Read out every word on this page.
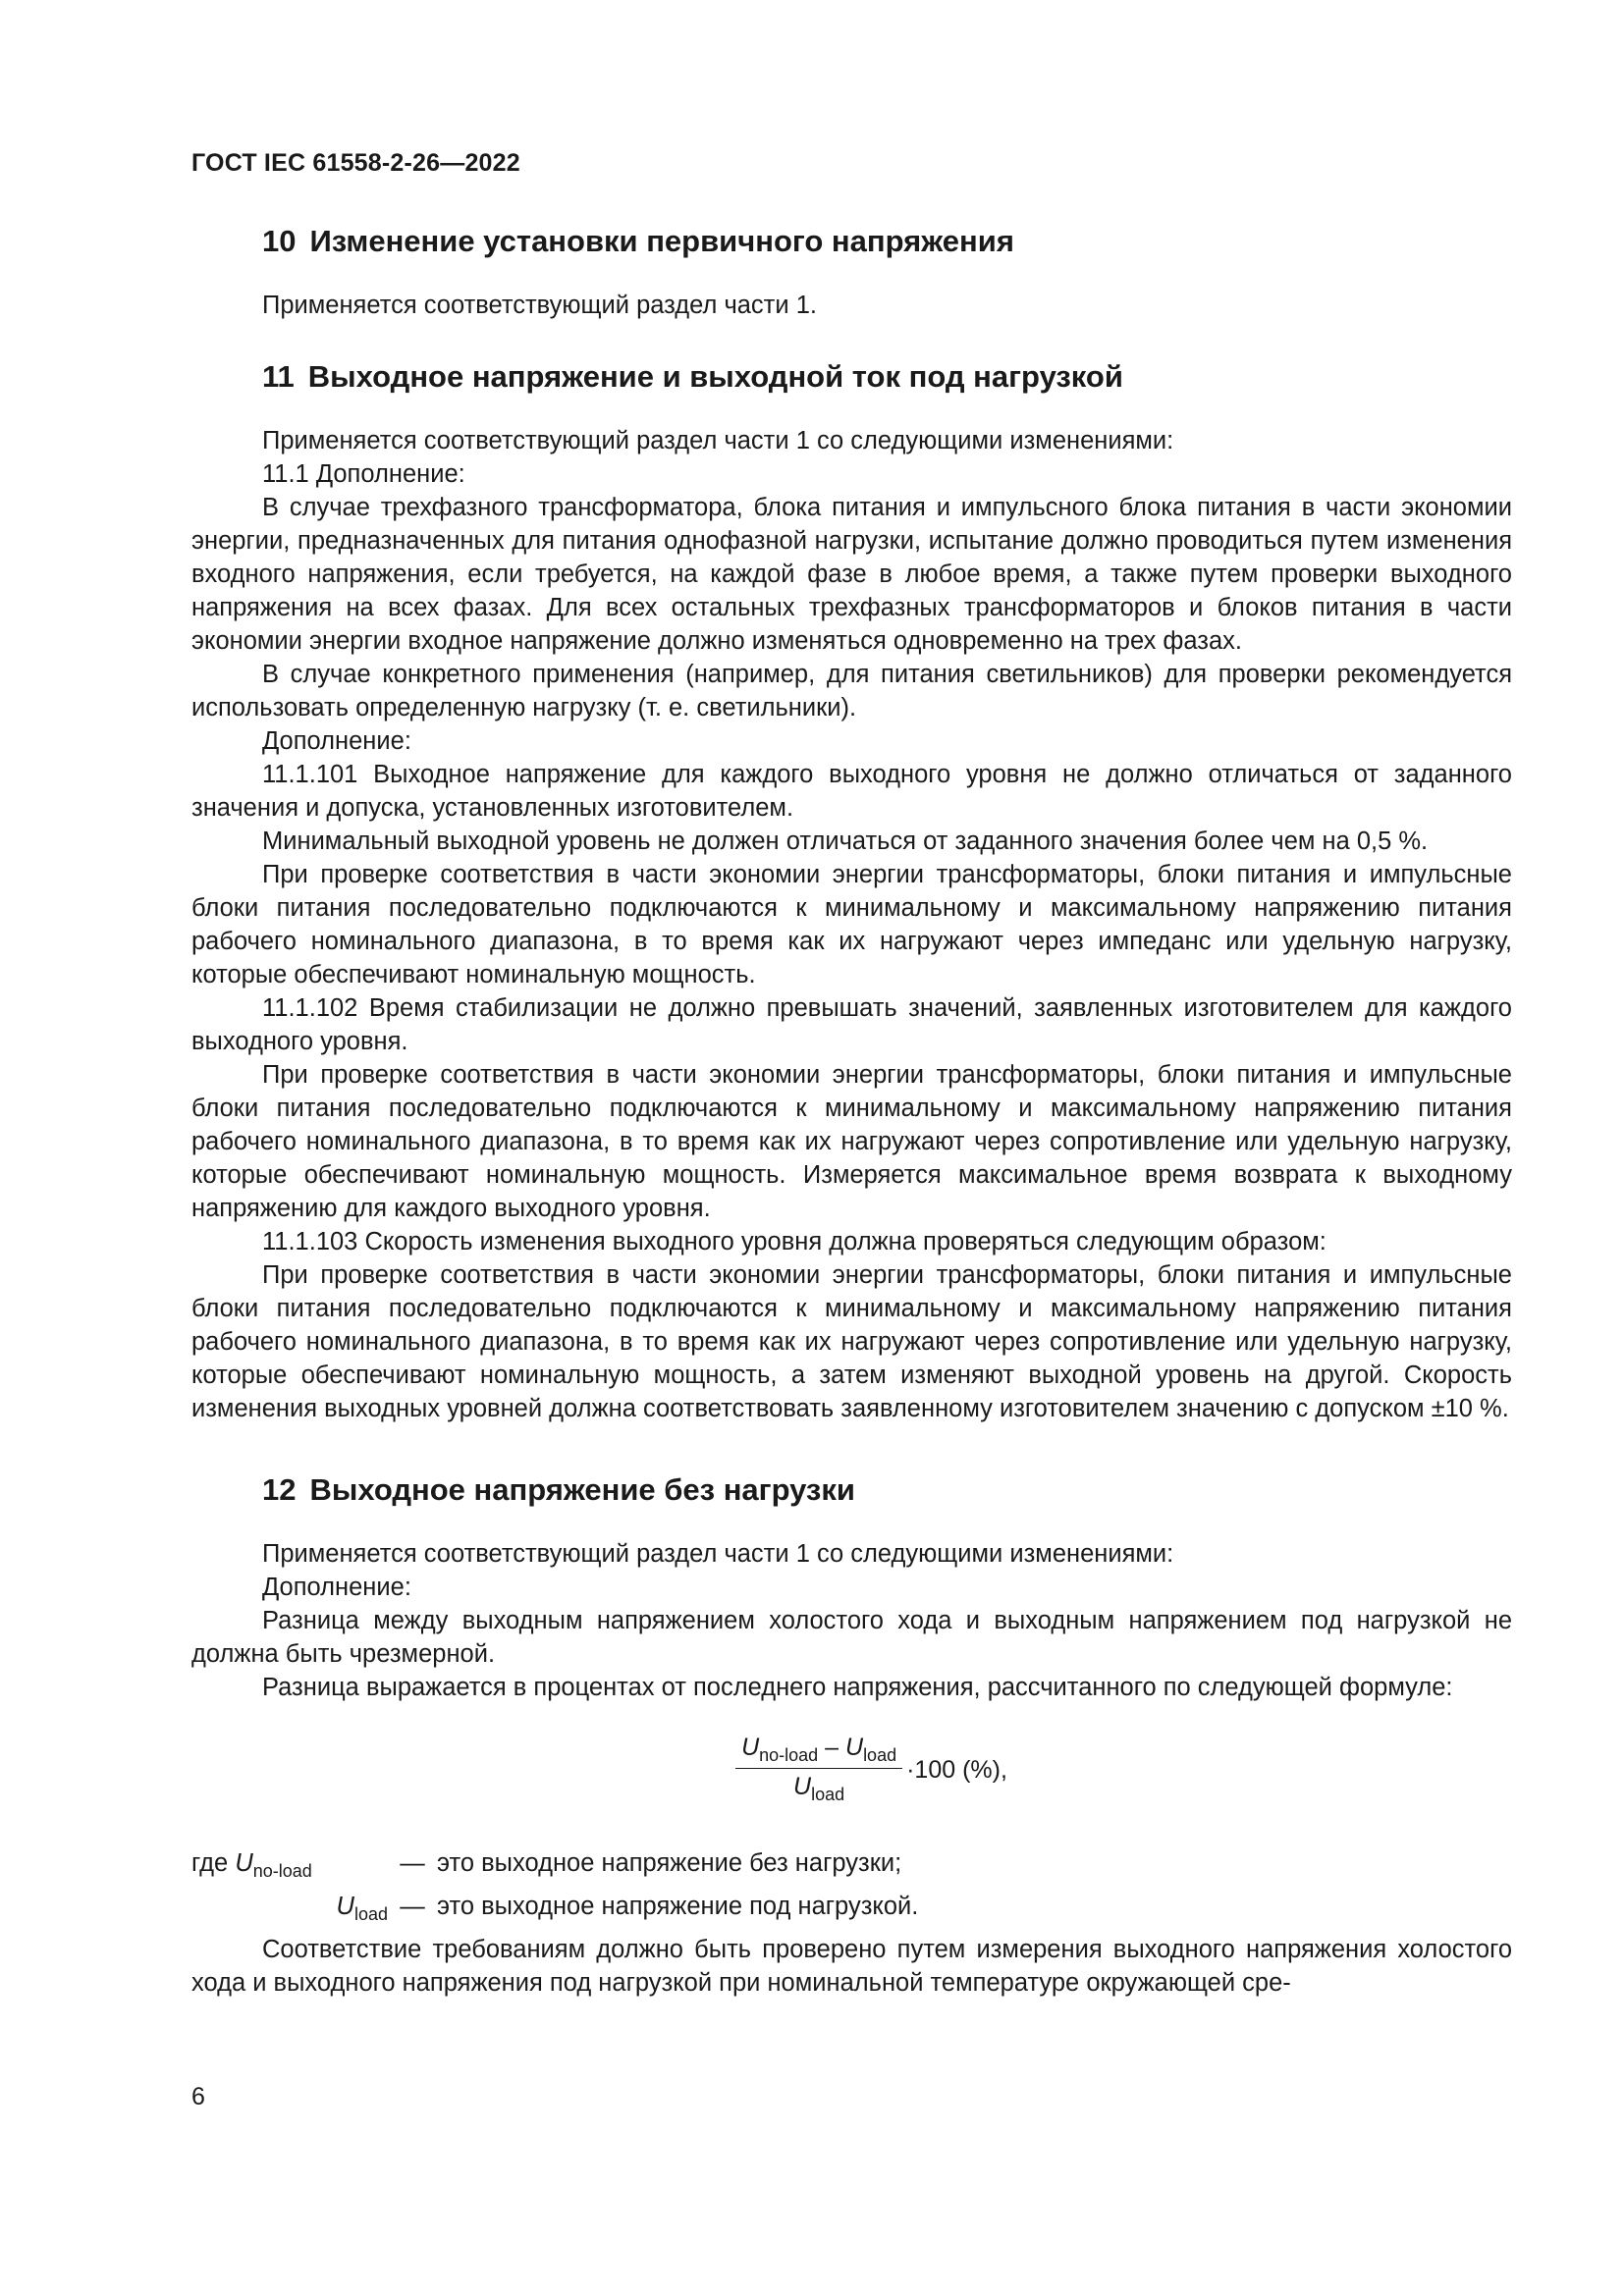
ГОСТ IEC 61558-2-26—2022
10 Изменение установки первичного напряжения

Применяется соответствующий раздел части 1.

11 Выходное напряжение и выходной ток под нагрузкой

Применяется соответствующий раздел части 1 со следующими изменениями:

11.1 Дополнение:

В случае трехфазного трансформатора, блока питания и импульсного блока питания в части экономии энергии, предназначенных для питания однофазной нагрузки, испытание должно проводиться путем изменения входного напряжения, если требуется, на каждой фазе в любое время, а также путем проверки выходного напряжения на всех фазах. Для всех остальных трехфазных трансформаторов и блоков питания в части экономии энергии входное напряжение должно изменяться одновременно на трех фазах.

В случае конкретного применения (например, для питания светильников) для проверки рекомендуется использовать определенную нагрузку (т. е. светильники).

Дополнение:

11.1.101 Выходное напряжение для каждого выходного уровня не должно отличаться от заданного значения и допуска, установленных изготовителем.

Минимальный выходной уровень не должен отличаться от заданного значения более чем на 0,5 %.

При проверке соответствия в части экономии энергии трансформаторы, блоки питания и импульсные блоки питания последовательно подключаются к минимальному и максимальному напряжению питания рабочего номинального диапазона, в то время как их нагружают через импеданс или удельную нагрузку, которые обеспечивают номинальную мощность.

11.1.102 Время стабилизации не должно превышать значений, заявленных изготовителем для каждого выходного уровня.

При проверке соответствия в части экономии энергии трансформаторы, блоки питания и импульсные блоки питания последовательно подключаются к минимальному и максимальному напряжению питания рабочего номинального диапазона, в то время как их нагружают через сопротивление или удельную нагрузку, которые обеспечивают номинальную мощность. Измеряется максимальное время возврата к выходному напряжению для каждого выходного уровня.

11.1.103 Скорость изменения выходного уровня должна проверяться следующим образом:

При проверке соответствия в части экономии энергии трансформаторы, блоки питания и импульсные блоки питания последовательно подключаются к минимальному и максимальному напряжению питания рабочего номинального диапазона, в то время как их нагружают через сопротивление или удельную нагрузку, которые обеспечивают номинальную мощность, а затем изменяют выходной уровень на другой. Скорость изменения выходных уровней должна соответствовать заявленному изготовителем значению с допуском ±10 %.

12 Выходное напряжение без нагрузки

Применяется соответствующий раздел части 1 со следующими изменениями:

Дополнение:

Разница между выходным напряжением холостого хода и выходным напряжением под нагрузкой не должна быть чрезмерной.

Разница выражается в процентах от последнего напряжения, рассчитанного по следующей формуле:

$\frac{U_{no-load} - U_{load}}{U_{load}} \cdot 100$ (%),
где $U_{no-load}$	— это выходное напряжение без нагрузки;
$U_{load}$ — это выходное напряжение под нагрузкой.

Соответствие требованиям должно быть проверено путем измерения выходного напряжения холостого хода и выходного напряжения под нагрузкой при номинальной температуре окружающей сре-

6
